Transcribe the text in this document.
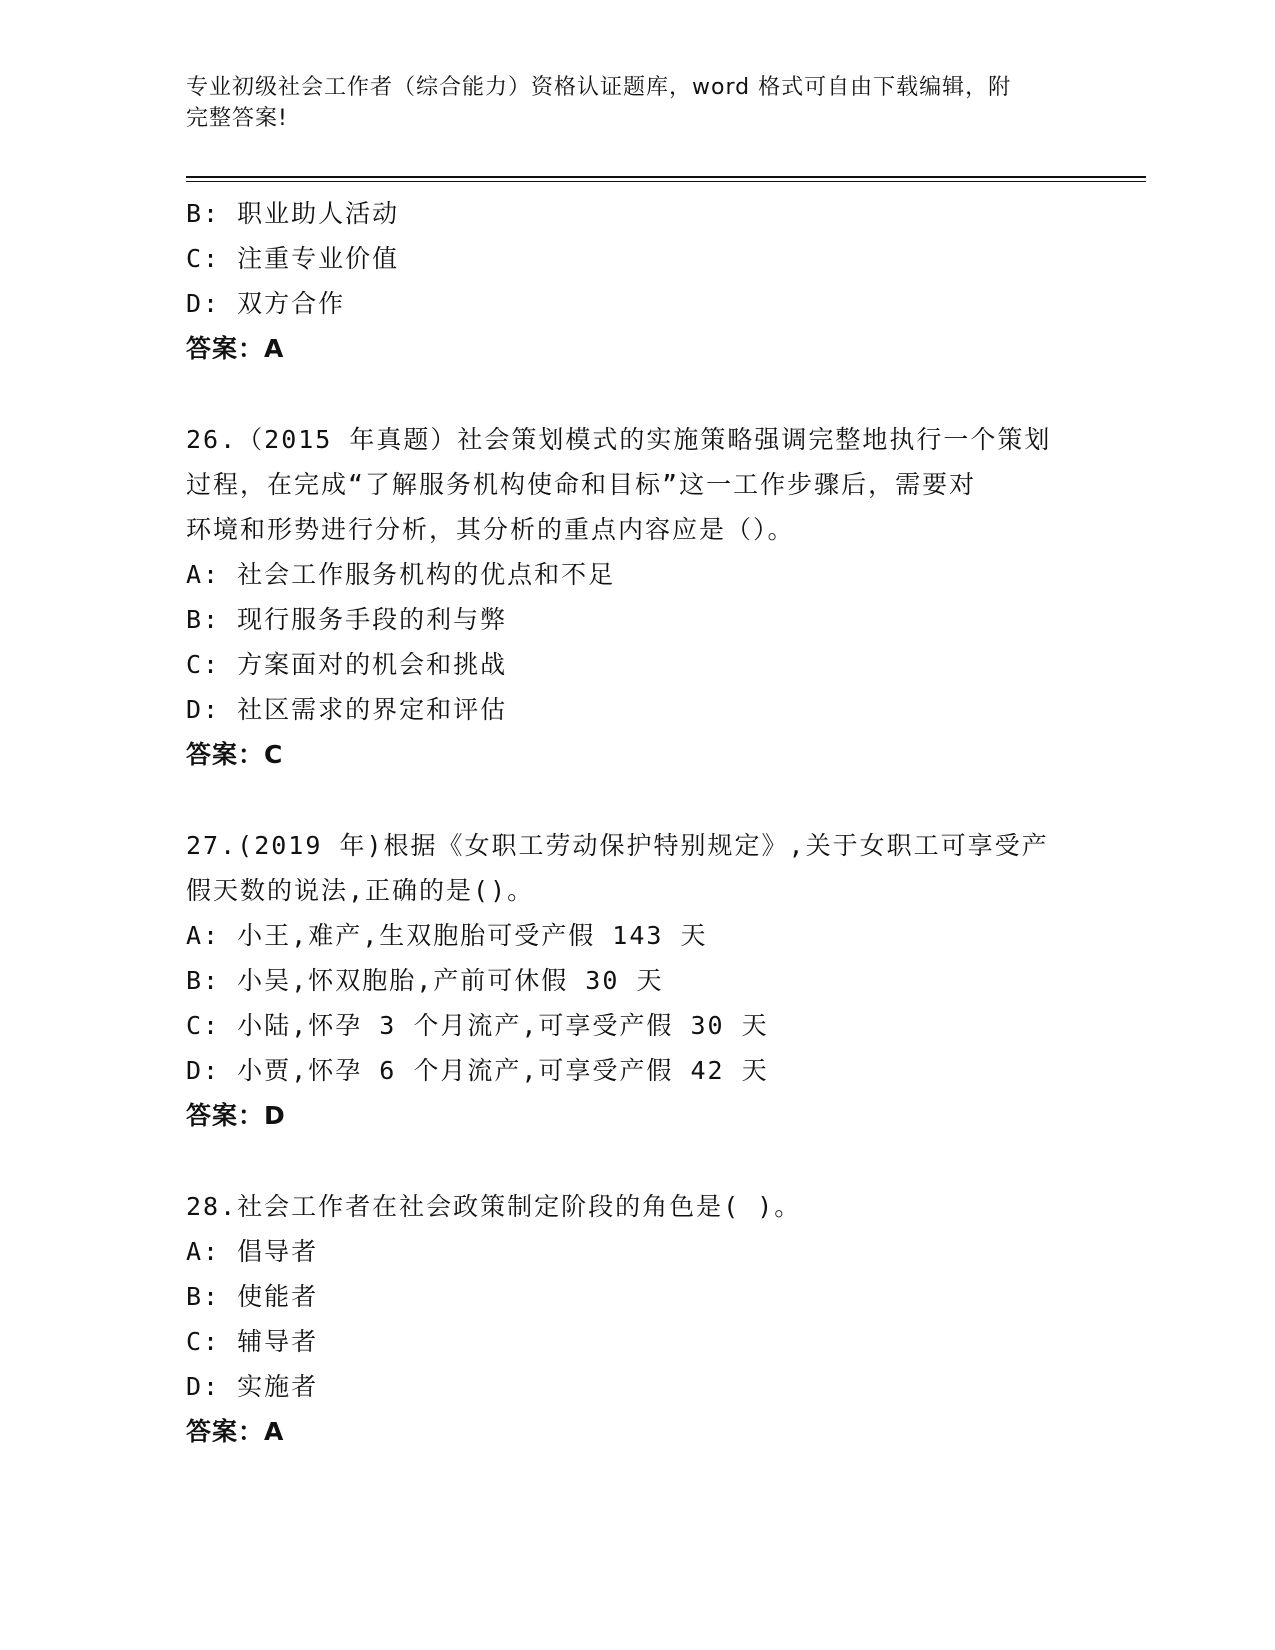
专业初级社会工作者（综合能力）资格认证题库，word 格式可自由下载编辑，附
完整答案!
B: 职业助人活动
C: 注重专业价值
D: 双方合作
答案：A
26.（2015 年真题）社会策划模式的实施策略强调完整地执行一个策划
过程，在完成“了解服务机构使命和目标”这一工作步骤后，需要对
环境和形势进行分析，其分析的重点内容应是（）。
A: 社会工作服务机构的优点和不足
B: 现行服务手段的利与弊
C: 方案面对的机会和挑战
D: 社区需求的界定和评估
答案：C
27.(2019 年)根据《女职工劳动保护特别规定》,关于女职工可享受产
假天数的说法,正确的是()。
A: 小王,难产,生双胞胎可受产假 143 天
B: 小吴,怀双胞胎,产前可休假 30 天
C: 小陆,怀孕 3 个月流产,可享受产假 30 天
D: 小贾,怀孕 6 个月流产,可享受产假 42 天
答案：D
28.社会工作者在社会政策制定阶段的角色是( )。
A: 倡导者
B: 使能者
C: 辅导者
D: 实施者
答案：A
